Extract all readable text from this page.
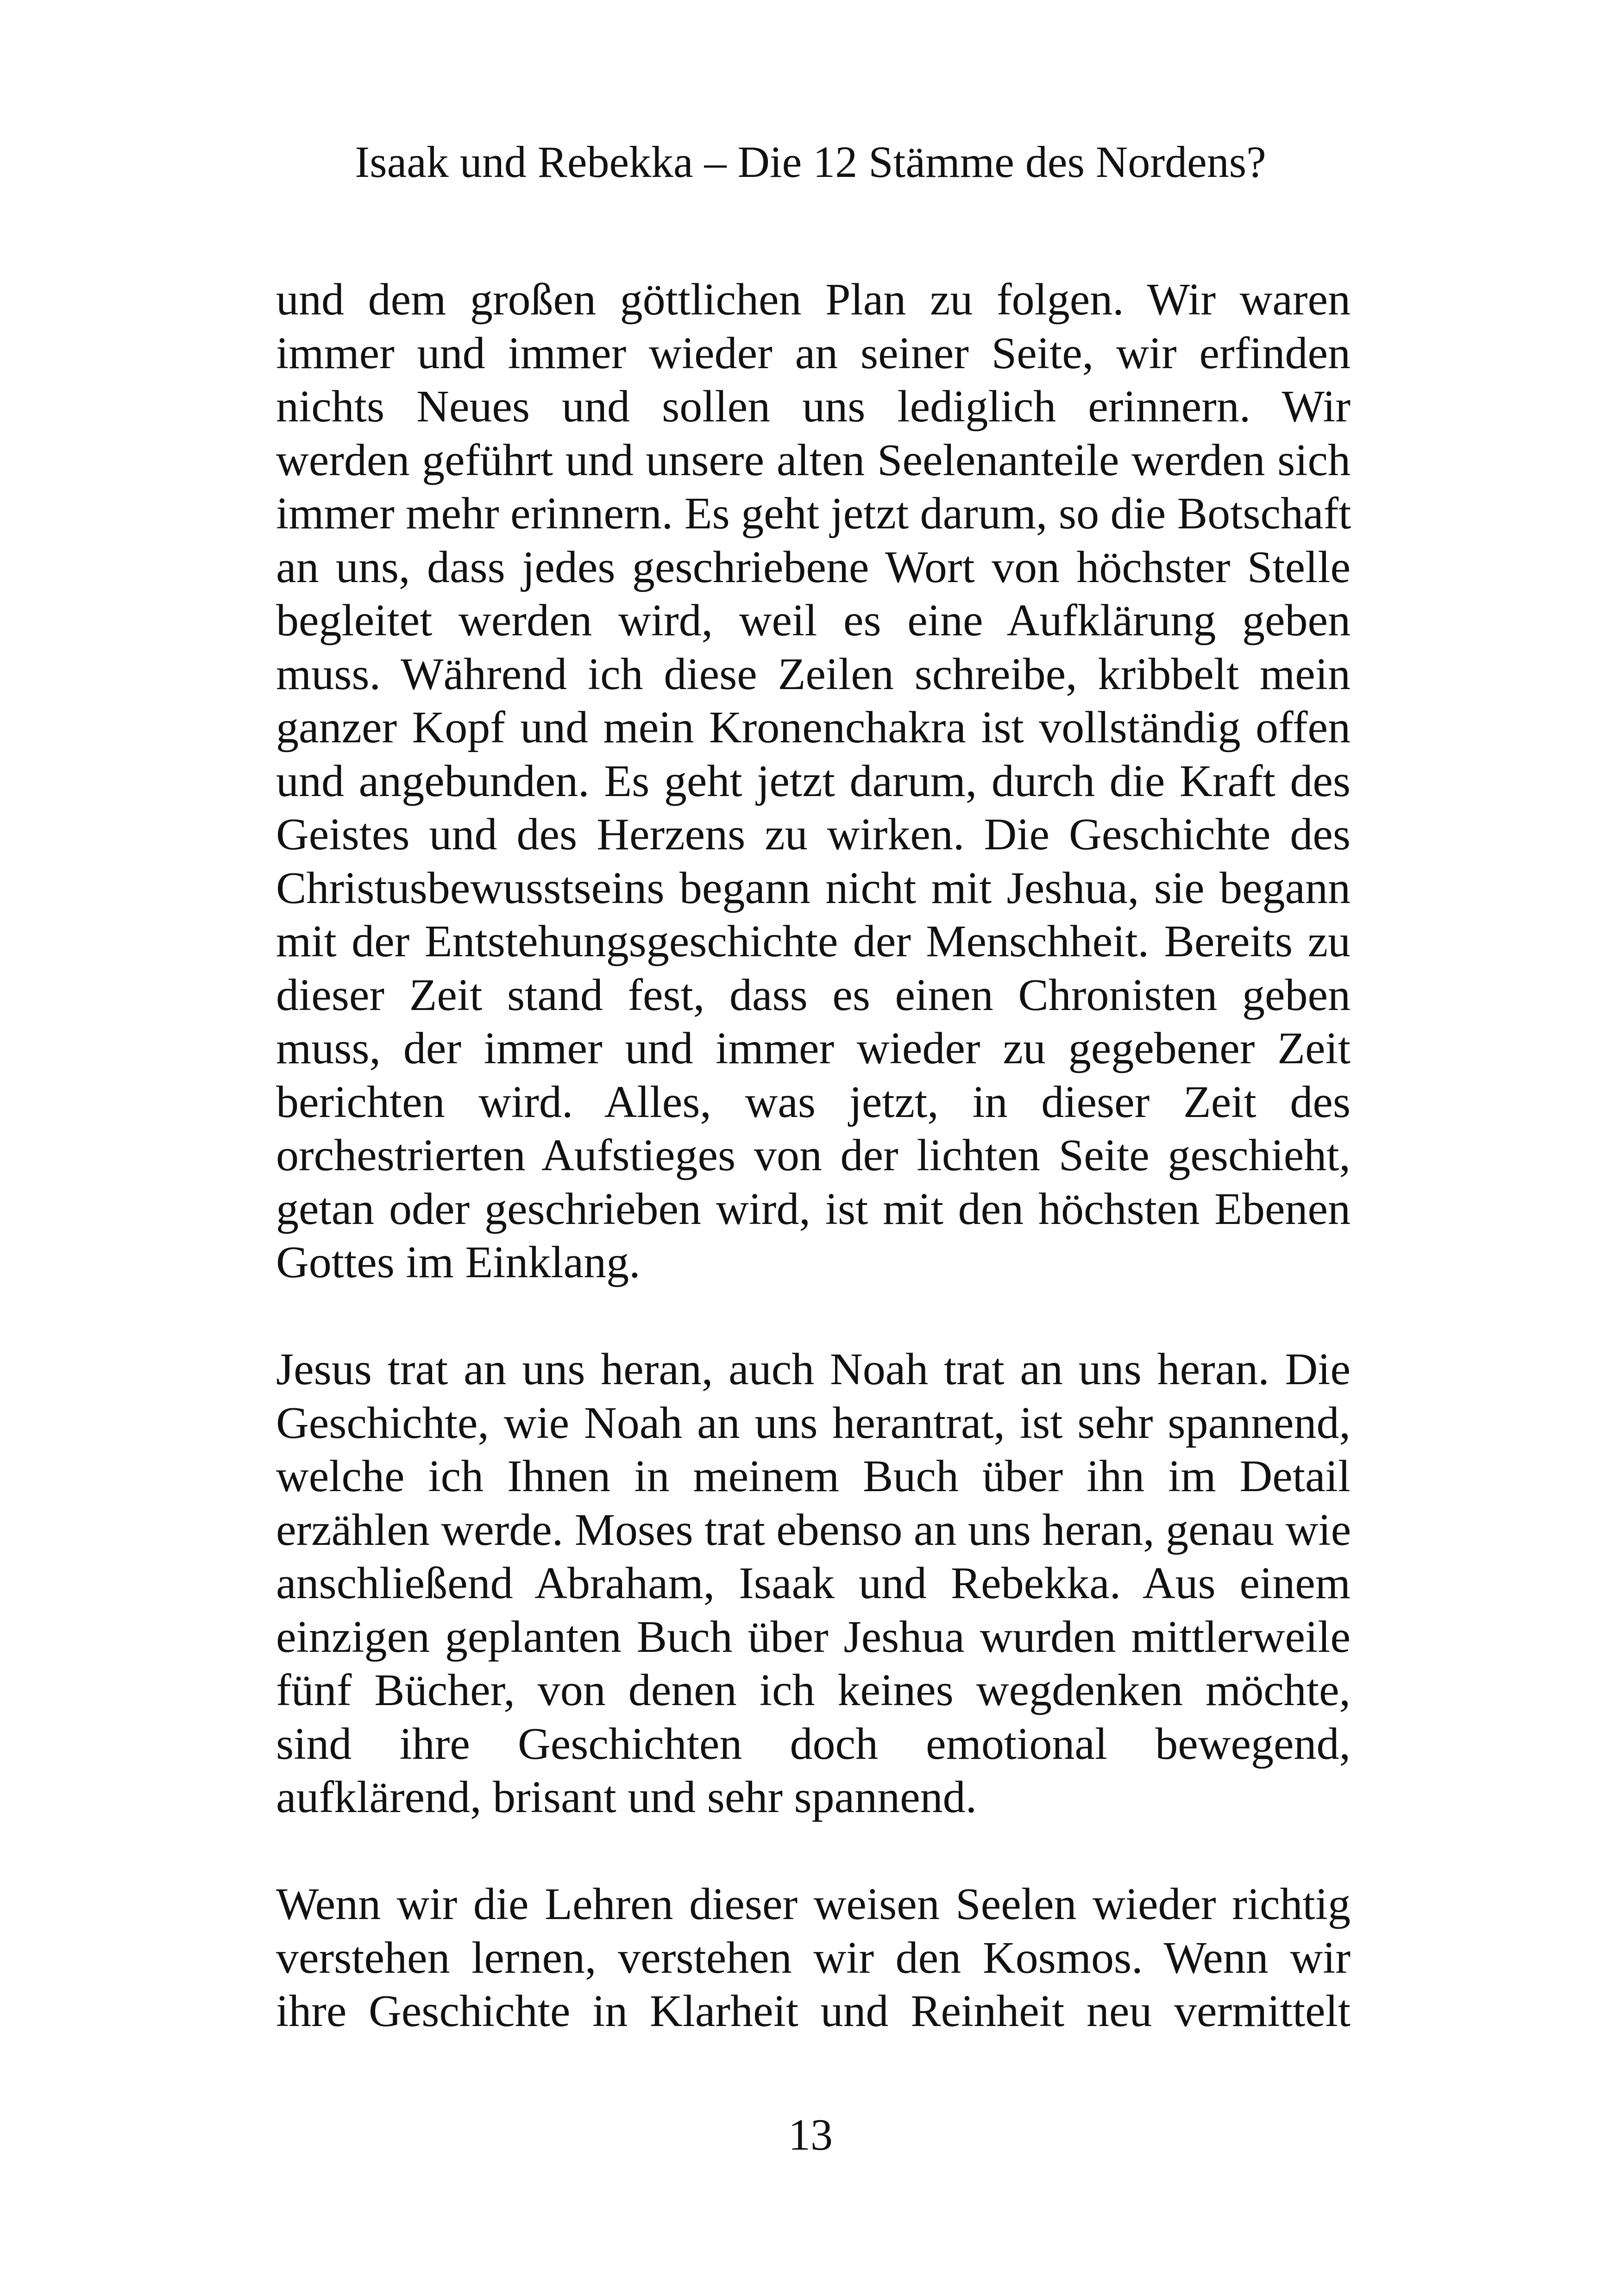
Isaak und Rebekka – Die 12 Stämme des Nordens?
und dem großen göttlichen Plan zu folgen. Wir waren
immer und immer wieder an seiner Seite, wir erfinden
nichts Neues und sollen uns lediglich erinnern. Wir
werden geführt und unsere alten Seelenanteile werden sich
immer mehr erinnern. Es geht jetzt darum, so die Botschaft
an uns, dass jedes geschriebene Wort von höchster Stelle
begleitet werden wird, weil es eine Aufklärung geben
muss. Während ich diese Zeilen schreibe, kribbelt mein
ganzer Kopf und mein Kronenchakra ist vollständig offen
und angebunden. Es geht jetzt darum, durch die Kraft des
Geistes und des Herzens zu wirken. Die Geschichte des
Christusbewusstseins begann nicht mit Jeshua, sie begann
mit der Entstehungsgeschichte der Menschheit. Bereits zu
dieser Zeit stand fest, dass es einen Chronisten geben
muss, der immer und immer wieder zu gegebener Zeit
berichten wird. Alles, was jetzt, in dieser Zeit des
orchestrierten Aufstieges von der lichten Seite geschieht,
getan oder geschrieben wird, ist mit den höchsten Ebenen
Gottes im Einklang.
Jesus trat an uns heran, auch Noah trat an uns heran. Die
Geschichte, wie Noah an uns herantrat, ist sehr spannend,
welche ich Ihnen in meinem Buch über ihn im Detail
erzählen werde. Moses trat ebenso an uns heran, genau wie
anschließend Abraham, Isaak und Rebekka. Aus einem
einzigen geplanten Buch über Jeshua wurden mittlerweile
fünf Bücher, von denen ich keines wegdenken möchte,
sind ihre Geschichten doch emotional bewegend,
aufklärend, brisant und sehr spannend.
Wenn wir die Lehren dieser weisen Seelen wieder richtig
verstehen lernen, verstehen wir den Kosmos. Wenn wir
ihre Geschichte in Klarheit und Reinheit neu vermittelt
13
